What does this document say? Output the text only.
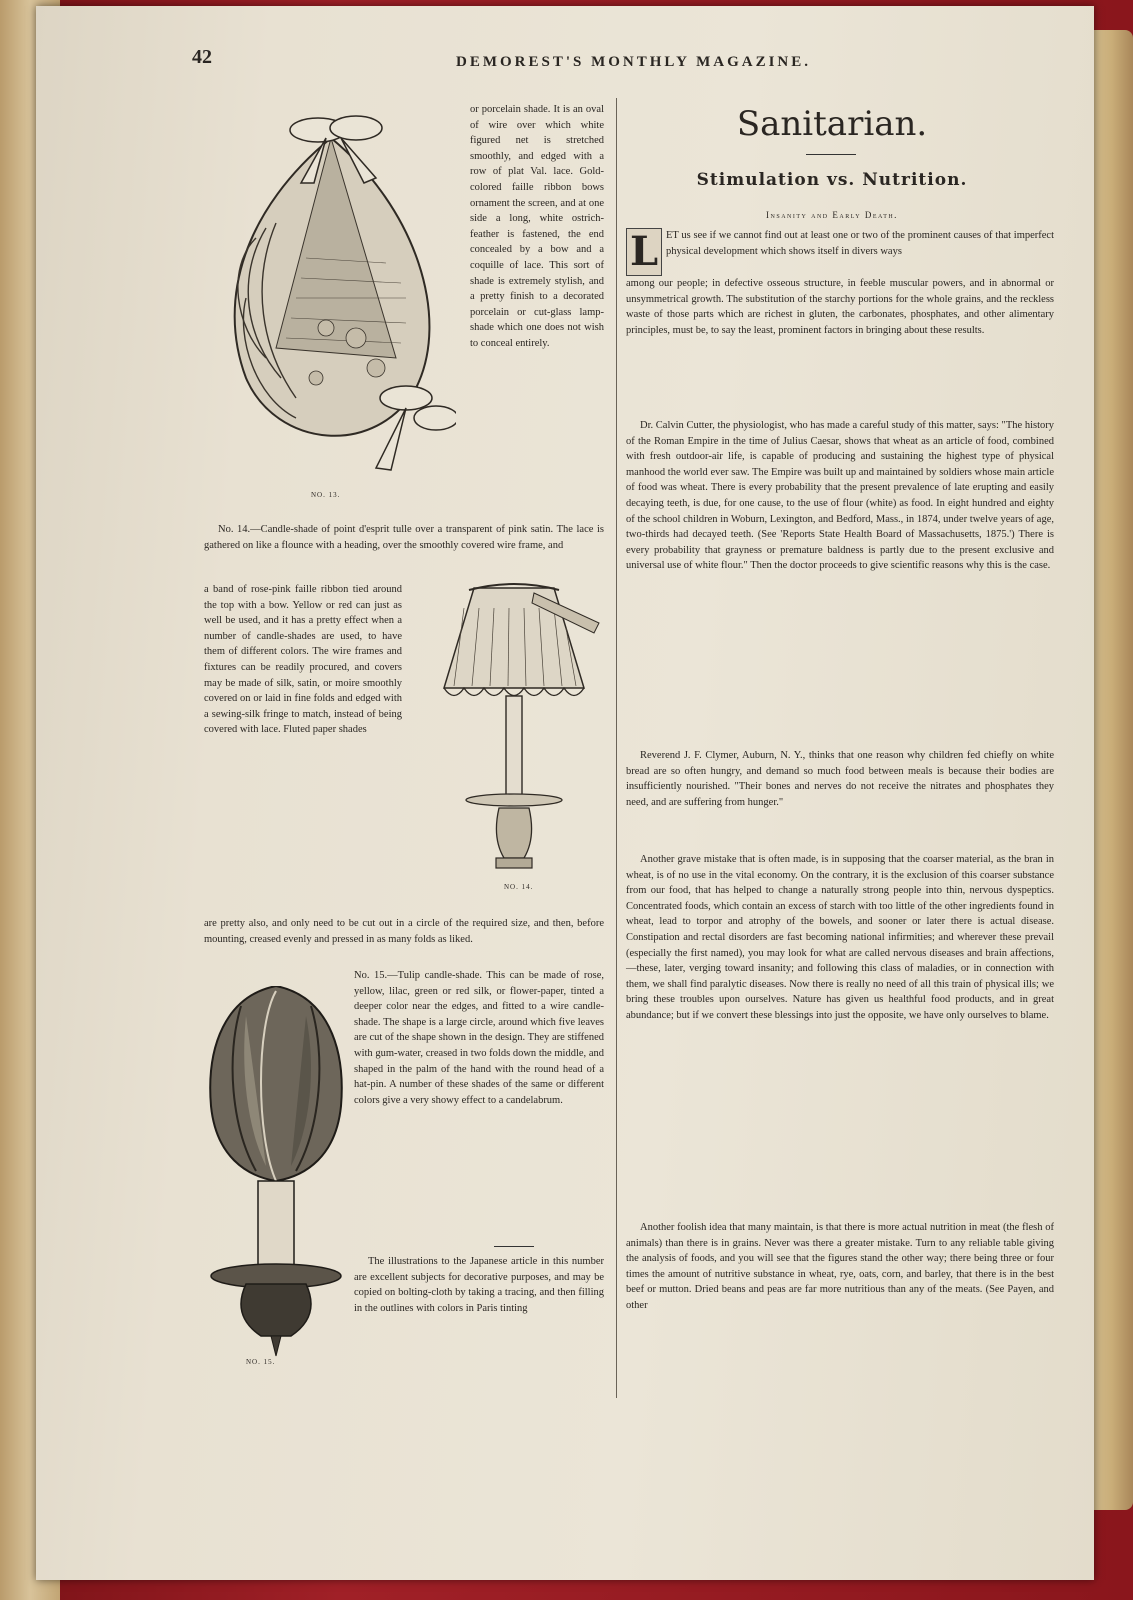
42	DEMOREST'S MONTHLY MAGAZINE.
NO. 13.
or porcelain shade. It is an oval of wire over which white figured net is stretched smoothly, and edged with a row of plat Val. lace. Gold-colored faille ribbon bows ornament the screen, and at one side a long, white ostrich-feather is fastened, the end concealed by a bow and a coquille of lace. This sort of shade is extremely stylish, and a pretty finish to a decorated porcelain or cut-glass lamp-shade which one does not wish to conceal entirely.
No. 14.—Candle-shade of point d'esprit tulle over a transparent of pink satin. The lace is gathered on like a flounce with a heading, over the smoothly covered wire frame, and
NO. 14.
a band of rose-pink faille ribbon tied around the top with a bow. Yellow or red can just as well be used, and it has a pretty effect when a number of candle-shades are used, to have them of different colors. The wire frames and fixtures can be readily procured, and covers may be made of silk, satin, or moire smoothly covered on or laid in fine folds and edged with a sewing-silk fringe to match, instead of being covered with lace. Fluted paper shades
are pretty also, and only need to be cut out in a circle of the required size, and then, before mounting, creased evenly and pressed in as many folds as liked.
NO. 15.
No. 15.—Tulip candle-shade. This can be made of rose, yellow, lilac, green or red silk, or flower-paper, tinted a deeper color near the edges, and fitted to a wire candle-shade. The shape is a large circle, around which five leaves are cut of the shape shown in the design. They are stiffened with gum-water, creased in two folds down the middle, and shaped in the palm of the hand with the round head of a hat-pin. A number of these shades of the same or different colors give a very showy effect to a candelabrum.
The illustrations to the Japanese article in this number are excellent subjects for decorative purposes, and may be copied on bolting-cloth by taking a tracing, and then filling in the outlines with colors in Paris tinting
Sanitarian.
Stimulation vs. Nutrition.
Insanity and Early Death.
L ET us see if we cannot find out at least one or two of the prominent causes of that imperfect physical development which shows itself in divers ways
among our people; in defective osseous structure, in feeble muscular powers, and in abnormal or unsymmetrical growth. The substitution of the starchy portions for the whole grains, and the reckless waste of those parts which are richest in gluten, the carbonates, phosphates, and other alimentary principles, must be, to say the least, prominent factors in bringing about these results.
Dr. Calvin Cutter, the physiologist, who has made a careful study of this matter, says: "The history of the Roman Empire in the time of Julius Caesar, shows that wheat as an article of food, combined with fresh outdoor-air life, is capable of producing and sustaining the highest type of physical manhood the world ever saw. The Empire was built up and maintained by soldiers whose main article of food was wheat. There is every probability that the present prevalence of late erupting and easily decaying teeth, is due, for one cause, to the use of flour (white) as food. In eight hundred and eighty of the school children in Woburn, Lexington, and Bedford, Mass., in 1874, under twelve years of age, two-thirds had decayed teeth. (See 'Reports State Health Board of Massachusetts, 1875.') There is every probability that grayness or premature baldness is partly due to the present exclusive and universal use of white flour." Then the doctor proceeds to give scientific reasons why this is the case.
Reverend J. F. Clymer, Auburn, N. Y., thinks that one reason why children fed chiefly on white bread are so often hungry, and demand so much food between meals is because their bodies are insufficiently nourished. "Their bones and nerves do not receive the nitrates and phosphates they need, and are suffering from hunger."
Another grave mistake that is often made, is in supposing that the coarser material, as the bran in wheat, is of no use in the vital economy. On the contrary, it is the exclusion of this coarser substance from our food, that has helped to change a naturally strong people into thin, nervous dyspeptics. Concentrated foods, which contain an excess of starch with too little of the other ingredients found in wheat, lead to torpor and atrophy of the bowels, and sooner or later there is actual disease. Constipation and rectal disorders are fast becoming national infirmities; and wherever these prevail (especially the first named), you may look for what are called nervous diseases and brain affections,—these, later, verging toward insanity; and following this class of maladies, or in connection with them, we shall find paralytic diseases. Now there is really no need of all this train of physical ills; we bring these troubles upon ourselves. Nature has given us healthful food products, and in great abundance; but if we convert these blessings into just the opposite, we have only ourselves to blame.
Another foolish idea that many maintain, is that there is more actual nutrition in meat (the flesh of animals) than there is in grains. Never was there a greater mistake. Turn to any reliable table giving the analysis of foods, and you will see that the figures stand the other way; there being three or four times the amount of nutritive substance in wheat, rye, oats, corn, and barley, that there is in the best beef or mutton. Dried beans and peas are far more nutritious than any of the meats. (See Payen, and other
